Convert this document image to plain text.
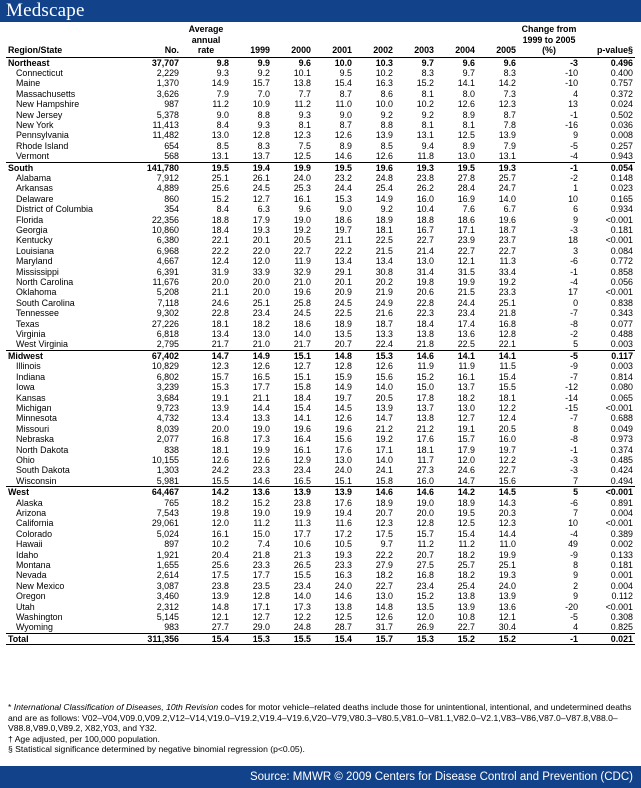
Medscape
Region/State	No.	Average annual rate	1999	2000	2001	2002	2003	2004	2005	Change from 1999 to 2005 (%)	p-value§
Northeast	37,707	9.8	9.9	9.6	10.0	10.3	9.7	9.6	9.6	-3	0.496
Connecticut	2,229	9.3	9.2	10.1	9.5	10.2	8.3	9.7	8.3	-10	0.400
Maine	1,370	14.9	15.7	13.8	15.4	16.3	15.2	14.1	14.2	-10	0.757
Massachusetts	3,626	7.9	7.0	7.7	8.7	8.6	8.1	8.0	7.3	4	0.372
New Hampshire	987	11.2	10.9	11.2	11.0	10.0	10.2	12.6	12.3	13	0.024
New Jersey	5,378	9.0	8.8	9.3	9.0	9.2	9.2	8.9	8.7	-1	0.502
New York	11,413	8.4	9.3	8.1	8.7	8.8	8.1	8.1	7.8	-16	0.036
Pennsylvania	11,482	13.0	12.8	12.3	12.6	13.9	13.1	12.5	13.9	9	0.008
Rhode Island	654	8.5	8.3	7.5	8.9	8.5	9.4	8.9	7.9	-5	0.257
Vermont	568	13.1	13.7	12.5	14.6	12.6	11.8	13.0	13.1	-4	0.943
South	141,780	19.5	19.4	19.9	19.5	19.6	19.3	19.5	19.3	-1	0.054
Alabama	7,912	25.1	26.1	24.0	23.2	24.8	23.8	27.8	25.7	-2	0.148
Arkansas	4,889	25.6	24.5	25.3	24.4	25.4	26.2	28.4	24.7	1	0.023
Delaware	860	15.2	12.7	16.1	15.3	14.9	16.0	16.9	14.0	10	0.165
District of Columbia	354	8.4	6.3	9.6	9.0	9.2	10.4	7.6	6.7	6	0.934
Florida	22,356	18.8	17.9	19.0	18.6	18.9	18.8	18.6	19.6	9	<0.001
Georgia	10,860	18.4	19.3	19.2	19.7	18.1	16.7	17.1	18.7	-3	0.181
Kentucky	6,380	22.1	20.1	20.5	21.1	22.5	22.7	23.9	23.7	18	<0.001
Louisiana	6,968	22.2	22.0	22.7	22.2	21.5	21.4	22.7	22.7	3	0.084
Maryland	4,667	12.4	12.0	11.9	13.4	13.4	13.0	12.1	11.3	-6	0.772
Mississippi	6,391	31.9	33.9	32.9	29.1	30.8	31.4	31.5	33.4	-1	0.858
North Carolina	11,676	20.0	20.0	21.0	20.1	20.2	19.8	19.9	19.2	-4	0.056
Oklahoma	5,208	21.1	20.0	19.6	20.9	21.9	20.6	21.5	23.3	17	<0.001
South Carolina	7,118	24.6	25.1	25.8	24.5	24.9	22.8	24.4	25.1	0	0.838
Tennessee	9,302	22.8	23.4	24.5	22.5	21.6	22.3	23.4	21.8	-7	0.343
Texas	27,226	18.1	18.2	18.6	18.9	18.7	18.4	17.4	16.8	-8	0.077
Virginia	6,818	13.4	13.0	14.0	13.5	13.3	13.8	13.6	12.8	-2	0.488
West Virginia	2,795	21.7	21.0	21.7	20.7	22.4	21.8	22.5	22.1	5	0.003
Midwest	67,402	14.7	14.9	15.1	14.8	15.3	14.6	14.1	14.1	-5	0.117
Illinois	10,829	12.3	12.6	12.7	12.8	12.6	11.9	11.9	11.5	-9	0.003
Indiana	6,802	15.7	16.5	15.1	15.9	15.6	15.2	16.1	15.4	-7	0.814
Iowa	3,239	15.3	17.7	15.8	14.9	14.0	15.0	13.7	15.5	-12	0.080
Kansas	3,684	19.1	21.1	18.4	19.7	20.5	17.8	18.2	18.1	-14	0.065
Michigan	9,723	13.9	14.4	15.4	14.5	13.9	13.7	13.0	12.2	-15	<0.001
Minnesota	4,732	13.4	13.3	14.1	12.6	14.7	13.8	12.7	12.4	-7	0.688
Missouri	8,039	20.0	19.0	19.6	19.6	21.2	21.2	19.1	20.5	8	0.049
Nebraska	2,077	16.8	17.3	16.4	15.6	19.2	17.6	15.7	16.0	-8	0.973
North Dakota	838	18.1	19.9	16.1	17.6	17.1	18.1	17.9	19.7	-1	0.374
Ohio	10,155	12.6	12.6	12.9	13.0	14.0	11.7	12.0	12.2	-3	0.485
South Dakota	1,303	24.2	23.3	23.4	24.0	24.1	27.3	24.6	22.7	-3	0.424
Wisconsin	5,981	15.5	14.6	16.5	15.1	15.8	16.0	14.7	15.6	7	0.494
West	64,467	14.2	13.6	13.9	13.9	14.6	14.6	14.2	14.5	5	<0.001
Alaska	765	18.2	15.2	23.8	17.6	18.9	19.0	18.9	14.3	-6	0.891
Arizona	7,543	19.8	19.0	19.9	19.4	20.7	20.0	19.5	20.3	7	0.004
California	29,061	12.0	11.2	11.3	11.6	12.3	12.8	12.5	12.3	10	<0.001
Colorado	5,024	16.1	15.0	17.7	17.2	17.5	15.7	15.4	14.4	-4	0.389
Hawaii	897	10.2	7.4	10.6	10.5	9.7	11.2	11.2	11.0	49	0.002
Idaho	1,921	20.4	21.8	21.3	19.3	22.2	20.7	18.2	19.9	-9	0.133
Montana	1,655	25.6	23.3	26.5	23.3	27.9	27.5	25.7	25.1	8	0.181
Nevada	2,614	17.5	17.7	15.5	16.3	18.2	16.8	18.2	19.3	9	0.001
New Mexico	3,087	23.8	23.5	23.4	24.0	22.7	23.4	25.4	24.0	2	0.004
Oregon	3,460	13.9	12.8	14.0	14.6	13.0	15.2	13.8	13.9	9	0.112
Utah	2,312	14.8	17.1	17.3	13.8	14.8	13.5	13.9	13.6	-20	<0.001
Washington	5,145	12.1	12.7	12.2	12.5	12.6	12.0	10.8	12.1	-5	0.308
Wyoming	983	27.7	29.0	24.8	28.7	31.7	26.9	22.7	30.4	4	0.825
Total	311,356	15.4	15.3	15.5	15.4	15.7	15.3	15.2	15.2	-1	0.021
* International Classification of Diseases, 10th Revision codes for motor vehicle–related deaths include those for unintentional, intentional, and undetermined deaths and are as follows: V02–V04,V09.0,V09.2,V12–V14,V19.0–V19.2,V19.4–V19.6,V20–V79,V80.3–V80.5,V81.0–V81.1,V82.0–V2.1,V83–V86,V87.0–V87.8,V88.0–V88.8,V89.0,V89.2, X82,Y03, and Y32.
† Age adjusted, per 100,000 population.
§ Statistical significance determined by negative binomial regression (p<0.05).
Source: MMWR © 2009 Centers for Disease Control and Prevention (CDC)
